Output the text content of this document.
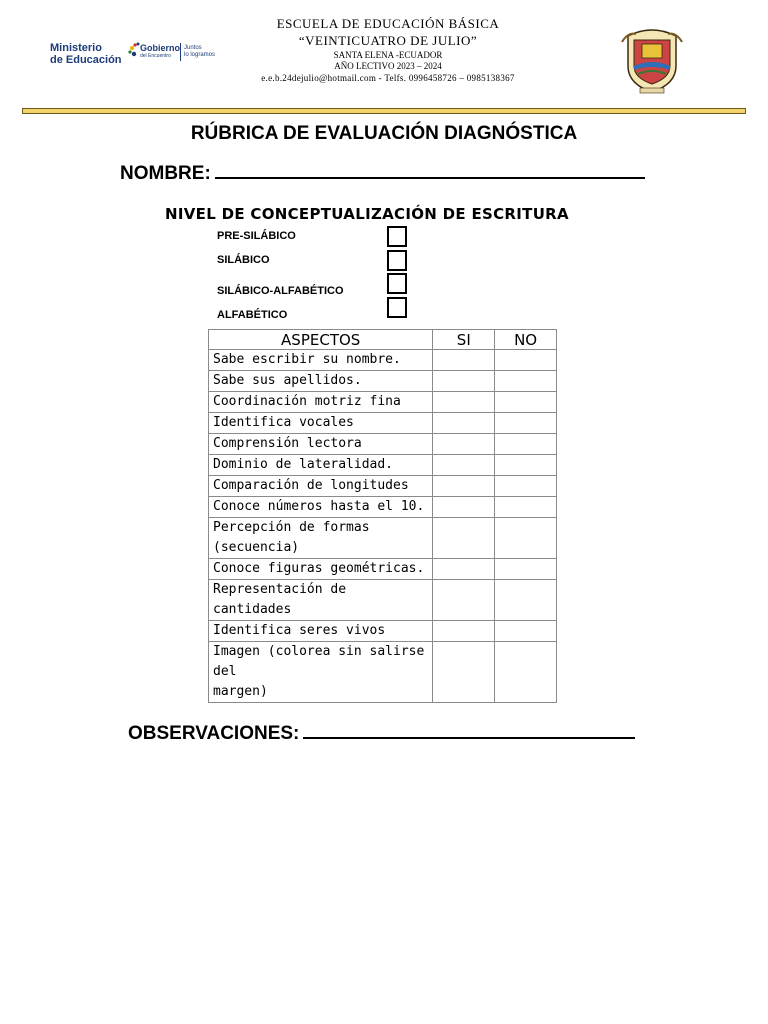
Ministerio
de Educación
Gobierno
del Encuentro
Juntos
lo logramos
ESCUELA DE EDUCACIÓN BÁSICA
“VEINTICUATRO DE JULIO”
SANTA ELENA -ECUADOR
AÑO LECTIVO 2023 – 2024
e.e.b.24dejulio@hotmail.com - Telfs. 0996458726 – 0985138367
RÚBRICA DE EVALUACIÓN DIAGNÓSTICA
NOMBRE:
NIVEL DE CONCEPTUALIZACIÓN DE ESCRITURA
PRE-SILÁBICO
SILÁBICO
SILÁBICO-ALFABÉTICO
ALFABÉTICO
ASPECTOS	SI	NO
Sabe escribir su nombre.		
Sabe sus apellidos.		
Coordinación motriz fina		
Identifica vocales		
Comprensión lectora		
Dominio de lateralidad.		
Comparación de longitudes		
Conoce números hasta el 10.		
Percepción de formas
(secuencia)		
Conoce figuras geométricas.		
Representación de cantidades		
Identifica seres vivos		
Imagen (colorea sin salirse del
margen)		
OBSERVACIONES:
